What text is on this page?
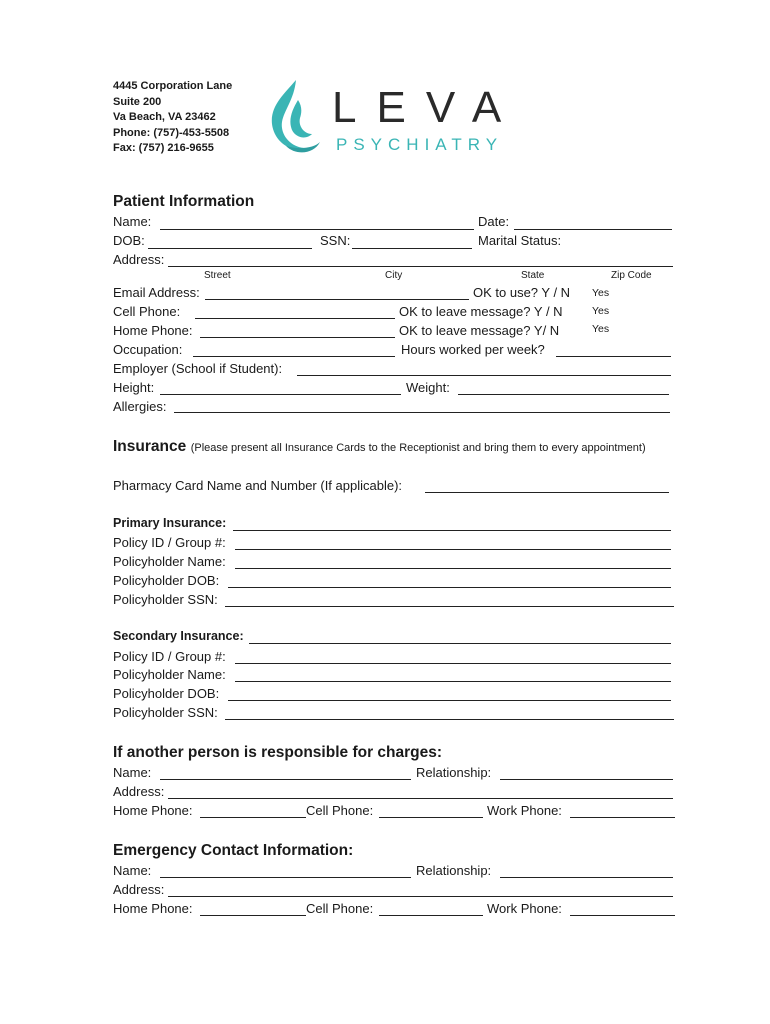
4445 Corporation Lane
Suite 200
Va Beach, VA 23462
Phone: (757)-453-5508
Fax: (757) 216-9655
LEVA
PSYCHIATRY
Patient Information
Name:	Date:
DOB:	SSN:	Marital Status:
Address:
Street	City	State	Zip Code
Email Address:	OK to use? Y / N Yes
Cell Phone:	OK to leave message? Y / N	Yes
Home Phone:	OK to leave message? Y/ N	Yes
Occupation:	Hours worked per week?
Employer (School if Student):
Height:	Weight:
Allergies:
Insurance (Please present all Insurance Cards to the Receptionist and bring them to every appointment)
Pharmacy Card Name and Number (If applicable):
Primary Insurance:
Policy ID / Group #:
Policyholder Name:
Policyholder DOB:
Policyholder SSN:
Secondary Insurance:
Policy ID / Group #:
Policyholder Name:
Policyholder DOB:
Policyholder SSN:
If another person is responsible for charges:
Name:	Relationship:
Address:
Home Phone:	Cell Phone:	Work Phone:
Emergency Contact Information:
Name:	Relationship:
Address:
Home Phone:	Cell Phone:	Work Phone:
